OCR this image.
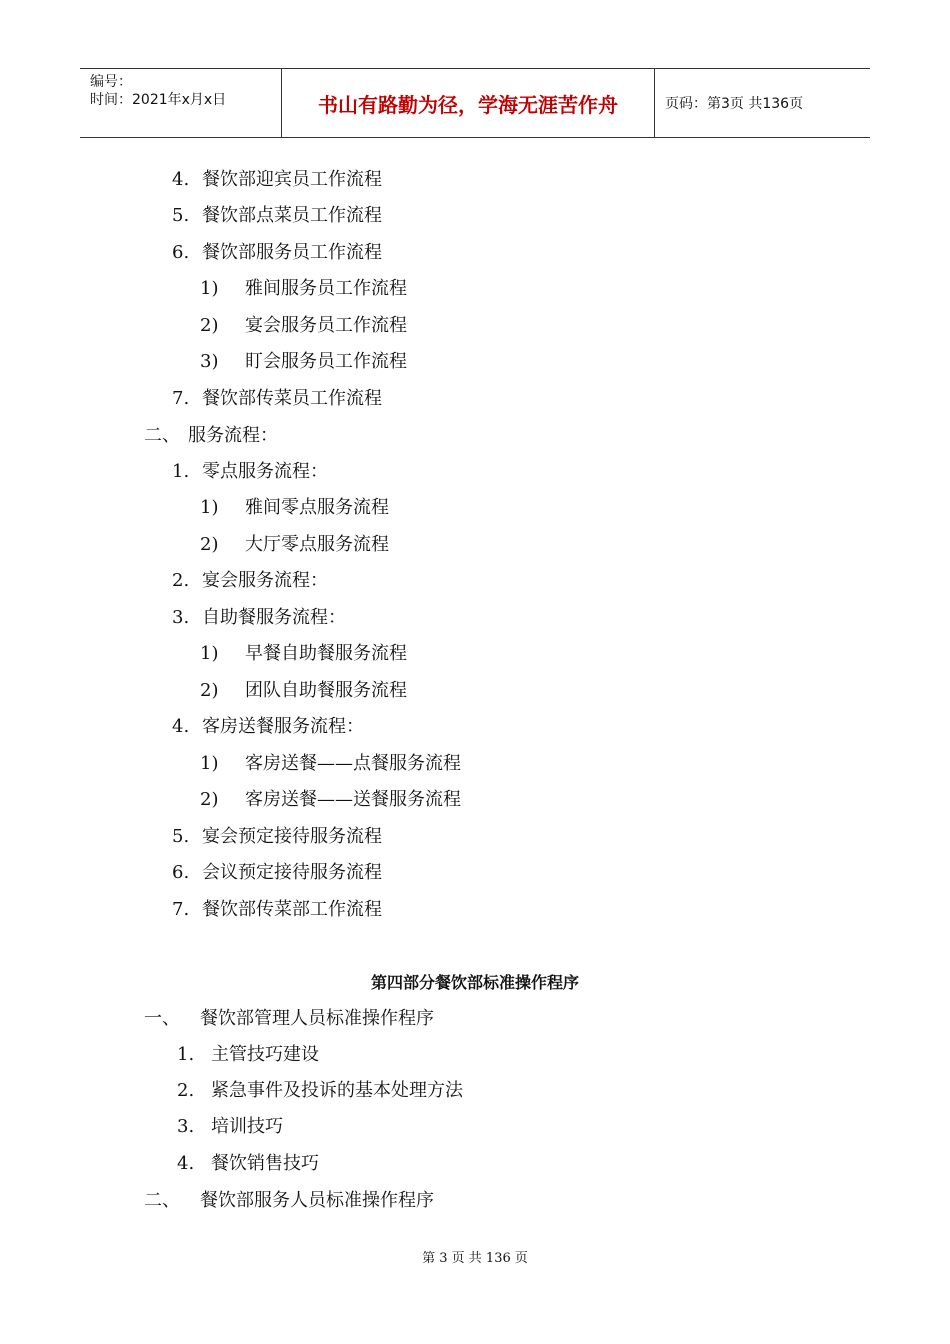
编号：
时间：2021年x月x日	书山有路勤为径，学海无涯苦作舟	页码：第3页 共136页
4. 餐饮部迎宾员工作流程
5. 餐饮部点菜员工作流程
6. 餐饮部服务员工作流程
1) 雅间服务员工作流程
2) 宴会服务员工作流程
3) 盯会服务员工作流程
7. 餐饮部传菜员工作流程
二、 服务流程：
1. 零点服务流程：
1) 雅间零点服务流程
2) 大厅零点服务流程
2. 宴会服务流程：
3. 自助餐服务流程：
1) 早餐自助餐服务流程
2) 团队自助餐服务流程
4. 客房送餐服务流程：
1) 客房送餐——点餐服务流程
2) 客房送餐——送餐服务流程
5. 宴会预定接待服务流程
6. 会议预定接待服务流程
7. 餐饮部传菜部工作流程
第四部分餐饮部标准操作程序
一、 餐饮部管理人员标准操作程序
1. 主管技巧建设
2. 紧急事件及投诉的基本处理方法
3. 培训技巧
4. 餐饮销售技巧
二、 餐饮部服务人员标准操作程序
第 3 页 共 136 页
